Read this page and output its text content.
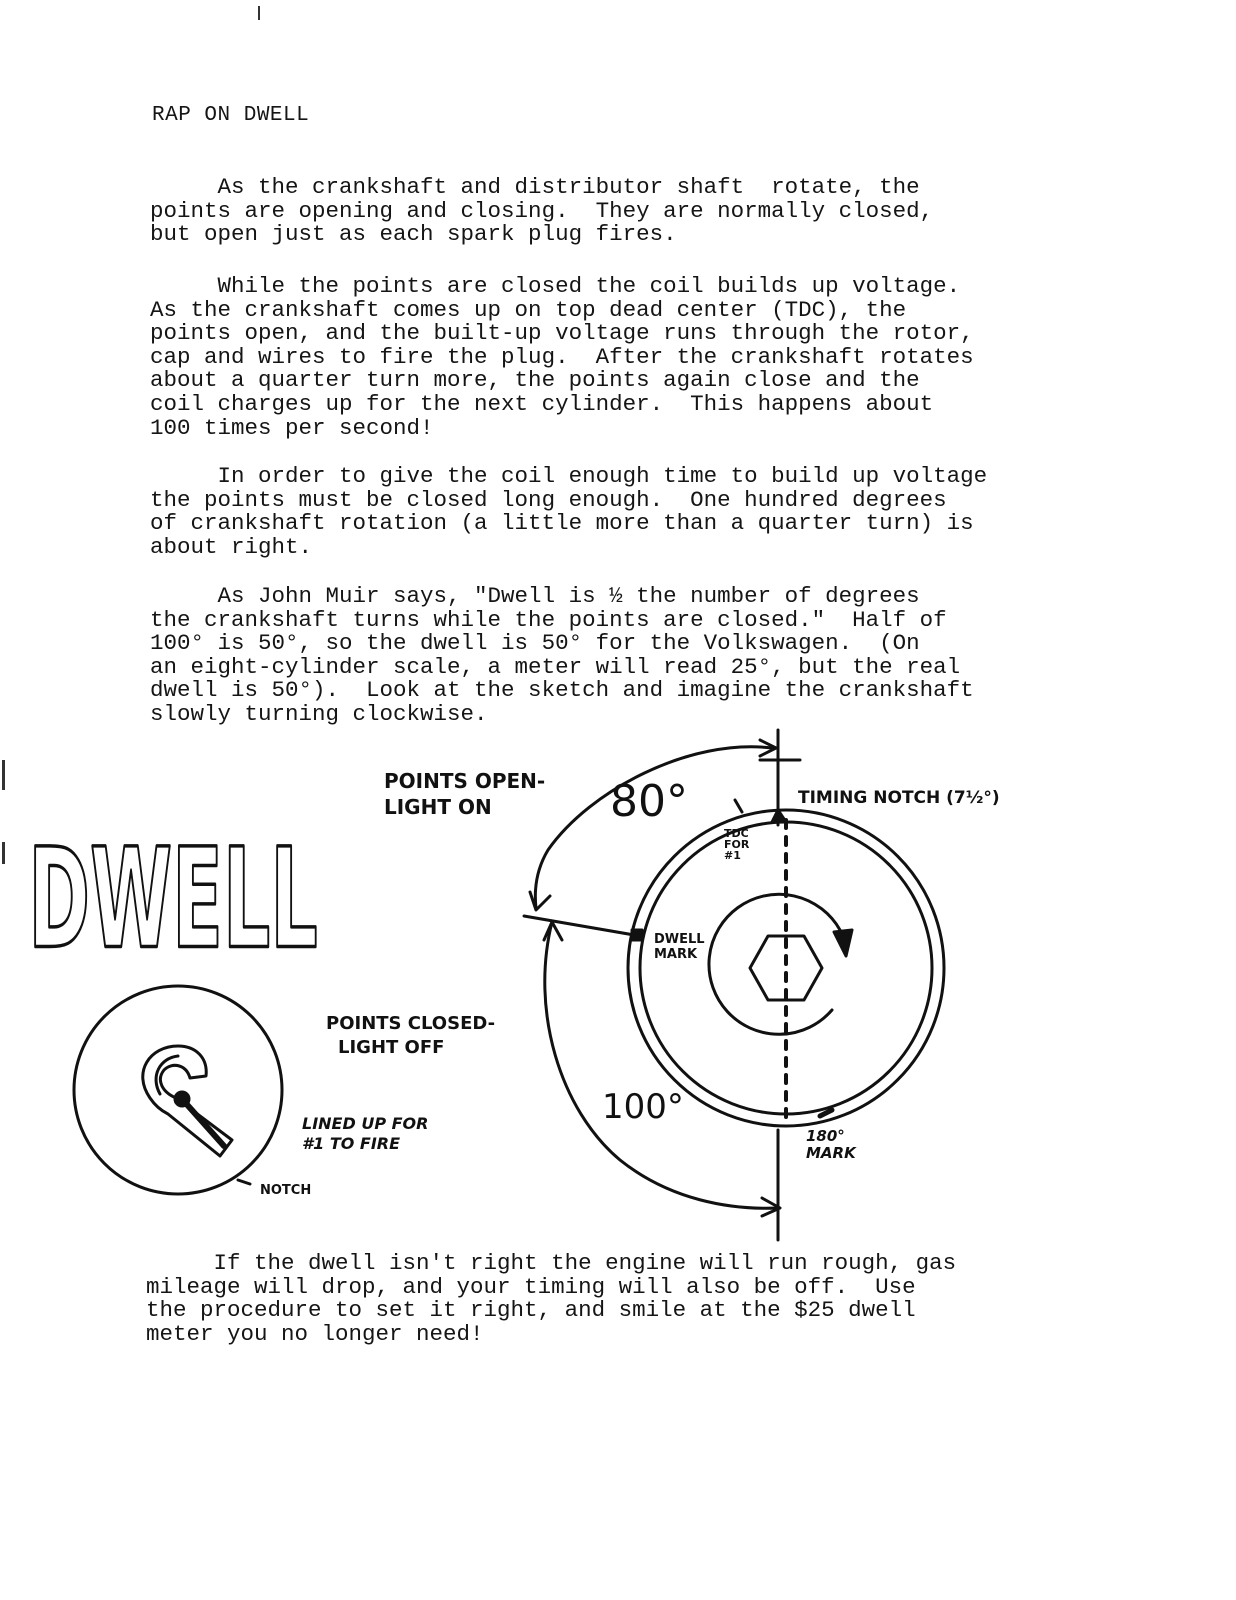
RAP ON DWELL

As the crankshaft and distributor shaft  rotate, the
points are opening and closing.  They are normally closed,
but open just as each spark plug fires.

While the points are closed the coil builds up voltage.
As the crankshaft comes up on top dead center (TDC), the
points open, and the built-up voltage runs through the rotor,
cap and wires to fire the plug.  After the crankshaft rotates
about a quarter turn more, the points again close and the
coil charges up for the next cylinder.  This happens about
100 times per second!

In order to give the coil enough time to build up voltage
the points must be closed long enough.  One hundred degrees
of crankshaft rotation (a little more than a quarter turn) is
about right.

As John Muir says, "Dwell is ½ the number of degrees
the crankshaft turns while the points are closed."  Half of
100° is 50°, so the dwell is 50° for the Volkswagen.  (On
an eight-cylinder scale, a meter will read 25°, but the real
dwell is 50°).  Look at the sketch and imagine the crankshaft
slowly turning clockwise.

DWELL
POINTS OPEN-
LIGHT ON	80°	TIMING NOTCH (7½°)
TDC
FOR
#1
DWELL
MARK
POINTS CLOSED-
LIGHT OFF
100°
180°
MARK
LINED UP FOR
#1 TO FIRE
NOTCH

If the dwell isn't right the engine will run rough, gas
mileage will drop, and your timing will also be off.  Use
the procedure to set it right, and smile at the $25 dwell
meter you no longer need!
